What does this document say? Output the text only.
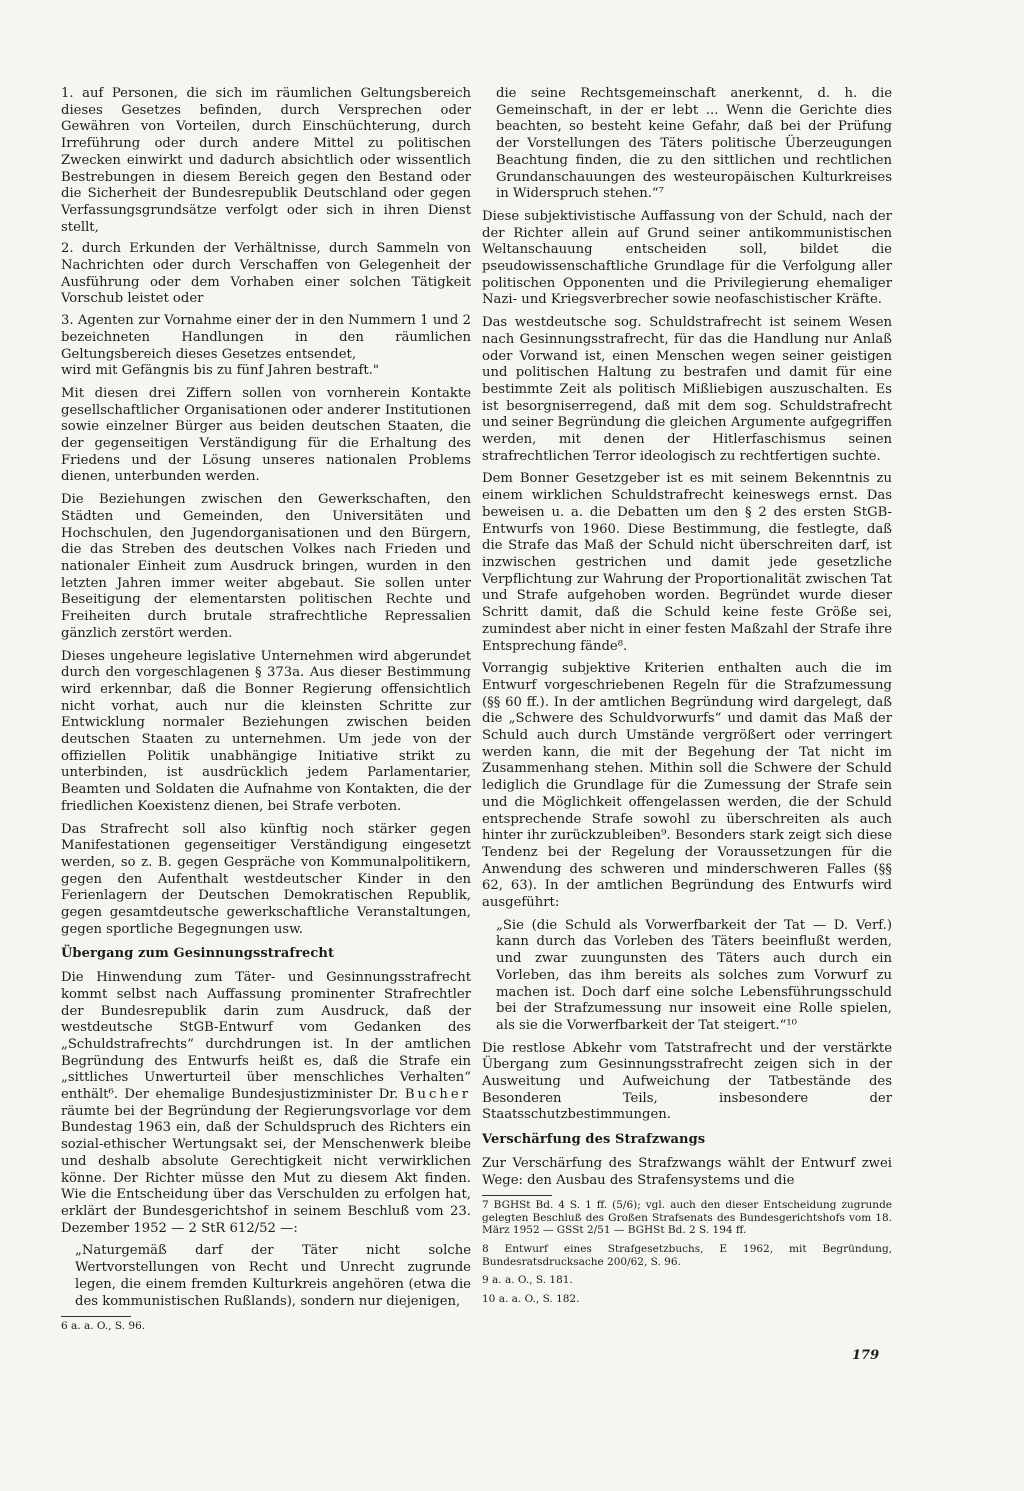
1. auf Personen, die sich im räumlichen Geltungsbereich dieses Gesetzes befinden, durch Versprechen oder Gewähren von Vorteilen, durch Einschüchterung, durch Irreführung oder durch andere Mittel zu politischen Zwecken einwirkt und dadurch absichtlich oder wissentlich Bestrebungen in diesem Bereich gegen den Bestand oder die Sicherheit der Bundesrepublik Deutschland oder gegen Verfassungsgrundsätze verfolgt oder sich in ihren Dienst stellt,

2. durch Erkunden der Verhältnisse, durch Sammeln von Nachrichten oder durch Verschaffen von Gelegenheit der Ausführung oder dem Vorhaben einer solchen Tätigkeit Vorschub leistet oder

3. Agenten zur Vornahme einer der in den Nummern 1 und 2 bezeichneten Handlungen in den räumlichen Geltungsbereich dieses Gesetzes entsendet,

wird mit Gefängnis bis zu fünf Jahren bestraft."

Mit diesen drei Ziffern sollen von vornherein Kontakte gesellschaftlicher Organisationen oder anderer Institutionen sowie einzelner Bürger aus beiden deutschen Staaten, die der gegenseitigen Verständigung für die Erhaltung des Friedens und der Lösung unseres nationalen Problems dienen, unterbunden werden.

Die Beziehungen zwischen den Gewerkschaften, den Städten und Gemeinden, den Universitäten und Hochschulen, den Jugendorganisationen und den Bürgern, die das Streben des deutschen Volkes nach Frieden und nationaler Einheit zum Ausdruck bringen, wurden in den letzten Jahren immer weiter abgebaut. Sie sollen unter Beseitigung der elementarsten politischen Rechte und Freiheiten durch brutale strafrechtliche Repressalien gänzlich zerstört werden.

Dieses ungeheure legislative Unternehmen wird abgerundet durch den vorgeschlagenen § 373a. Aus dieser Bestimmung wird erkennbar, daß die Bonner Regierung offensichtlich nicht vorhat, auch nur die kleinsten Schritte zur Entwicklung normaler Beziehungen zwischen beiden deutschen Staaten zu unternehmen. Um jede von der offiziellen Politik unabhängige Initiative strikt zu unterbinden, ist ausdrücklich jedem Parlamentarier, Beamten und Soldaten die Aufnahme von Kontakten, die der friedlichen Koexistenz dienen, bei Strafe verboten.

Das Strafrecht soll also künftig noch stärker gegen Manifestationen gegenseitiger Verständigung eingesetzt werden, so z. B. gegen Gespräche von Kommunalpolitikern, gegen den Aufenthalt westdeutscher Kinder in den Ferienlagern der Deutschen Demokratischen Republik, gegen gesamtdeutsche gewerkschaftliche Veranstaltungen, gegen sportliche Begegnungen usw.

Übergang zum Gesinnungsstrafrecht

Die Hinwendung zum Täter- und Gesinnungsstrafrecht kommt selbst nach Auffassung prominenter Strafrechtler der Bundesrepublik darin zum Ausdruck, daß der westdeutsche StGB-Entwurf vom Gedanken des „Schuldstrafrechts“ durchdrungen ist. In der amtlichen Begründung des Entwurfs heißt es, daß die Strafe ein „sittliches Unwerturteil über menschliches Verhalten“ enthält⁶. Der ehemalige Bundesjustizminister Dr. Bucher räumte bei der Begründung der Regierungsvorlage vor dem Bundestag 1963 ein, daß der Schuldspruch des Richters ein sozial-ethischer Wertungsakt sei, der Menschenwerk bleibe und deshalb absolute Gerechtigkeit nicht verwirklichen könne. Der Richter müsse den Mut zu diesem Akt finden. Wie die Entscheidung über das Verschulden zu erfolgen hat, erklärt der Bundesgerichtshof in seinem Beschluß vom 23. Dezember 1952 — 2 StR 612/52 —:

„Naturgemäß darf der Täter nicht solche Wertvorstellungen von Recht und Unrecht zugrunde legen, die einem fremden Kulturkreis angehören (etwa die des kommunistischen Rußlands), sondern nur diejenigen,

6 a. a. O., S. 96.

die seine Rechtsgemeinschaft anerkennt, d. h. die Gemeinschaft, in der er lebt ... Wenn die Gerichte dies beachten, so besteht keine Gefahr, daß bei der Prüfung der Vorstellungen des Täters politische Überzeugungen Beachtung finden, die zu den sittlichen und rechtlichen Grundanschauungen des westeuropäischen Kulturkreises in Widerspruch stehen.“⁷

Diese subjektivistische Auffassung von der Schuld, nach der der Richter allein auf Grund seiner antikommunistischen Weltanschauung entscheiden soll, bildet die pseudowissenschaftliche Grundlage für die Verfolgung aller politischen Opponenten und die Privilegierung ehemaliger Nazi- und Kriegsverbrecher sowie neofaschistischer Kräfte.

Das westdeutsche sog. Schuldstrafrecht ist seinem Wesen nach Gesinnungsstrafrecht, für das die Handlung nur Anlaß oder Vorwand ist, einen Menschen wegen seiner geistigen und politischen Haltung zu bestrafen und damit für eine bestimmte Zeit als politisch Mißliebigen auszuschalten. Es ist besorgniserregend, daß mit dem sog. Schuldstrafrecht und seiner Begründung die gleichen Argumente aufgegriffen werden, mit denen der Hitlerfaschismus seinen strafrechtlichen Terror ideologisch zu rechtfertigen suchte.

Dem Bonner Gesetzgeber ist es mit seinem Bekenntnis zu einem wirklichen Schuldstrafrecht keineswegs ernst. Das beweisen u. a. die Debatten um den § 2 des ersten StGB-Entwurfs von 1960. Diese Bestimmung, die festlegte, daß die Strafe das Maß der Schuld nicht überschreiten darf, ist inzwischen gestrichen und damit jede gesetzliche Verpflichtung zur Wahrung der Proportionalität zwischen Tat und Strafe aufgehoben worden. Begründet wurde dieser Schritt damit, daß die Schuld keine feste Größe sei, zumindest aber nicht in einer festen Maßzahl der Strafe ihre Entsprechung fände⁸.

Vorrangig subjektive Kriterien enthalten auch die im Entwurf vorgeschriebenen Regeln für die Strafzumessung (§§ 60 ff.). In der amtlichen Begründung wird dargelegt, daß die „Schwere des Schuldvorwurfs“ und damit das Maß der Schuld auch durch Umstände vergrößert oder verringert werden kann, die mit der Begehung der Tat nicht im Zusammenhang stehen. Mithin soll die Schwere der Schuld lediglich die Grundlage für die Zumessung der Strafe sein und die Möglichkeit offengelassen werden, die der Schuld entsprechende Strafe sowohl zu überschreiten als auch hinter ihr zurückzubleiben⁹. Besonders stark zeigt sich diese Tendenz bei der Regelung der Voraussetzungen für die Anwendung des schweren und minderschweren Falles (§§ 62, 63). In der amtlichen Begründung des Entwurfs wird ausgeführt:

„Sie (die Schuld als Vorwerfbarkeit der Tat — D. Verf.) kann durch das Vorleben des Täters beeinflußt werden, und zwar zuungunsten des Täters auch durch ein Vorleben, das ihm bereits als solches zum Vorwurf zu machen ist. Doch darf eine solche Lebensführungsschuld bei der Strafzumessung nur insoweit eine Rolle spielen, als sie die Vorwerfbarkeit der Tat steigert.“¹⁰

Die restlose Abkehr vom Tatstrafrecht und der verstärkte Übergang zum Gesinnungsstrafrecht zeigen sich in der Ausweitung und Aufweichung der Tatbestände des Besonderen Teils, insbesondere der Staatsschutzbestimmungen.

Verschärfung des Strafzwangs

Zur Verschärfung des Strafzwangs wählt der Entwurf zwei Wege: den Ausbau des Strafensystems und die

7 BGHSt Bd. 4 S. 1 ff. (5/6); vgl. auch den dieser Entscheidung zugrunde gelegten Beschluß des Großen Strafsenats des Bundesgerichtshofs vom 18. März 1952 — GSSt 2/51 — BGHSt Bd. 2 S. 194 ff.

8 Entwurf eines Strafgesetzbuchs, E 1962, mit Begründung, Bundesratsdrucksache 200/62, S. 96.

9 a. a. O., S. 181.

10 a. a. O., S. 182.

179
